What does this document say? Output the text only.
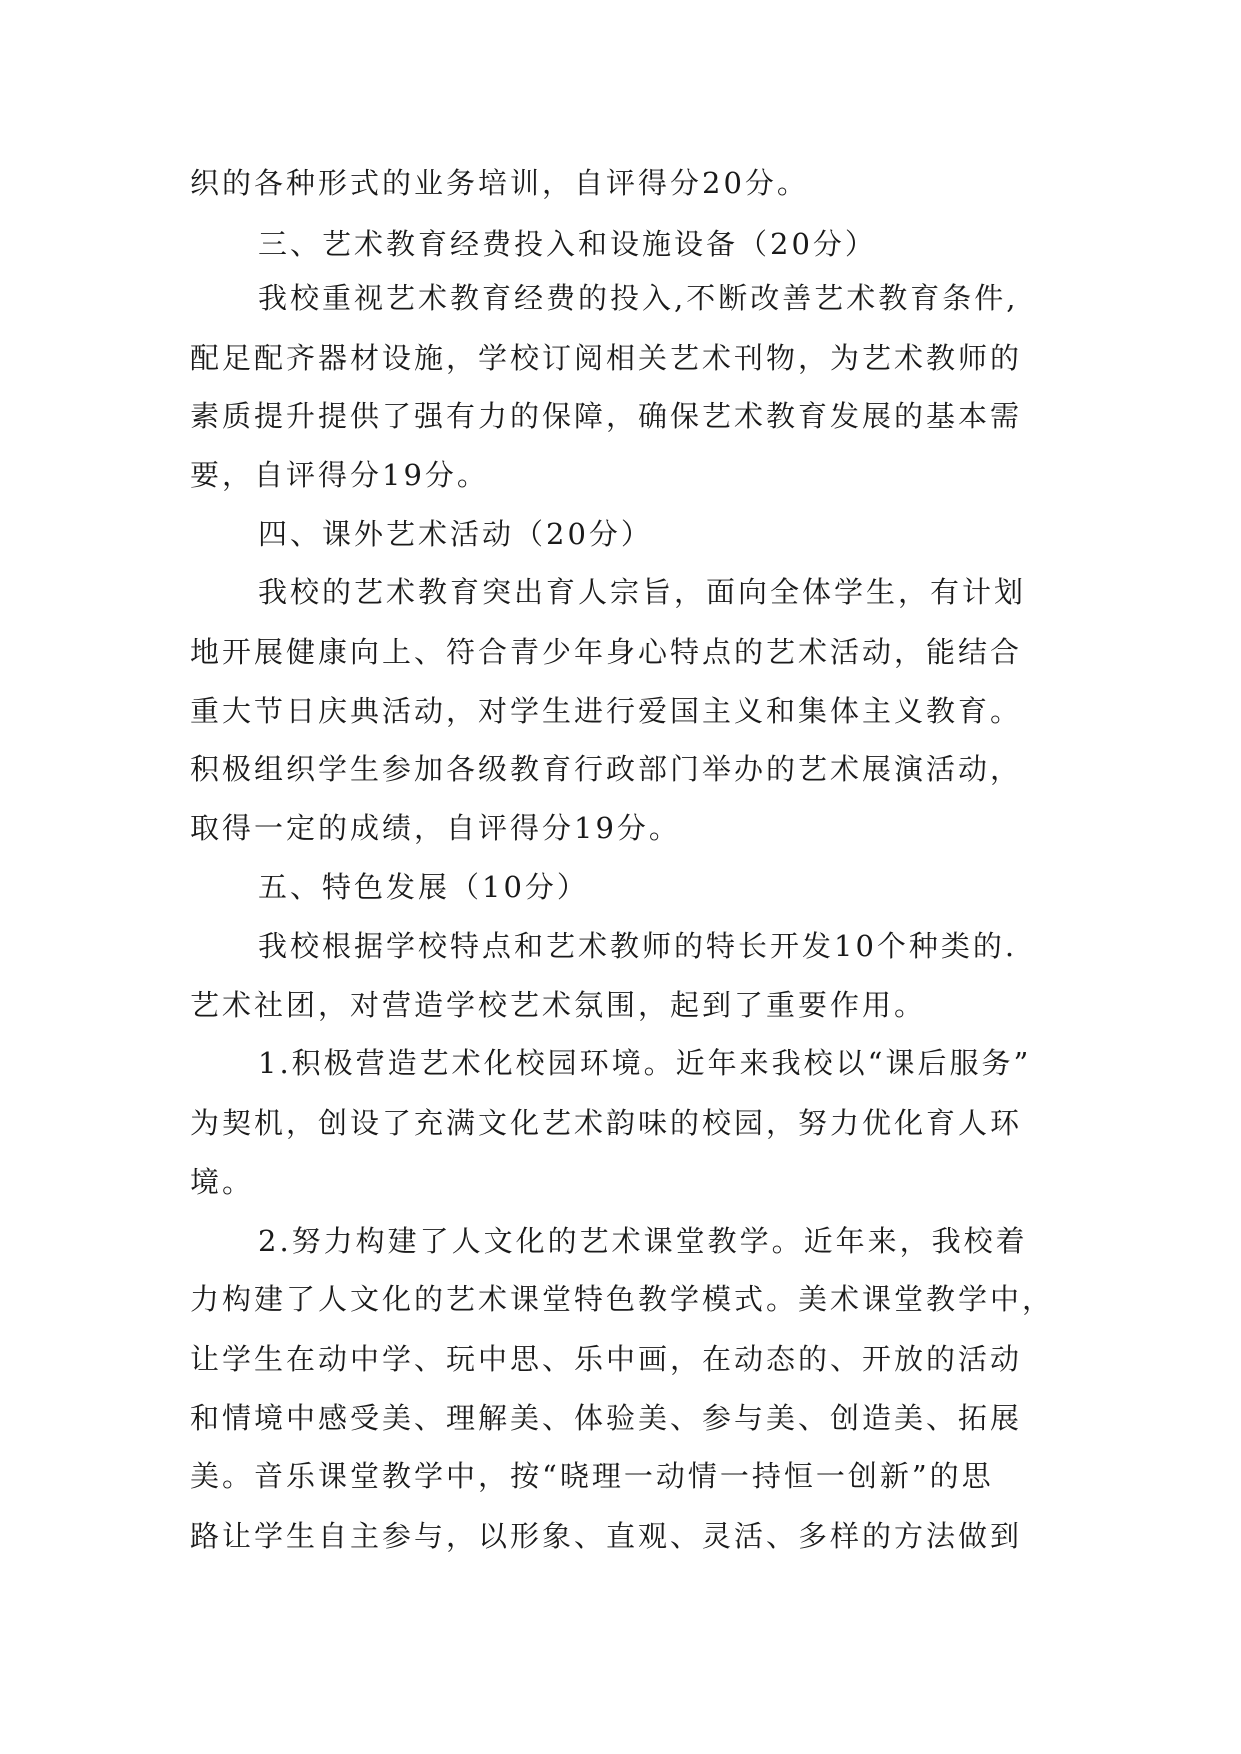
织的各种形式的业务培训，自评得分20分。
三、艺术教育经费投入和设施设备（20分）
我校重视艺术教育经费的投入,不断改善艺术教育条件,
配足配齐器材设施，学校订阅相关艺术刊物，为艺术教师的
素质提升提供了强有力的保障，确保艺术教育发展的基本需
要，自评得分19分。
四、课外艺术活动（20分）
我校的艺术教育突出育人宗旨，面向全体学生，有计划
地开展健康向上、符合青少年身心特点的艺术活动，能结合
重大节日庆典活动，对学生进行爱国主义和集体主义教育。
积极组织学生参加各级教育行政部门举办的艺术展演活动，
取得一定的成绩，自评得分19分。
五、特色发展（10分）
我校根据学校特点和艺术教师的特长开发10个种类的.
艺术社团，对营造学校艺术氛围，起到了重要作用。
1.积极营造艺术化校园环境。近年来我校以“课后服务”
为契机，创设了充满文化艺术韵味的校园，努力优化育人环
境。
2.努力构建了人文化的艺术课堂教学。近年来，我校着
力构建了人文化的艺术课堂特色教学模式。美术课堂教学中，
让学生在动中学、玩中思、乐中画，在动态的、开放的活动
和情境中感受美、理解美、体验美、参与美、创造美、拓展
美。音乐课堂教学中，按“晓理一动情一持恒一创新”的思
路让学生自主参与，以形象、直观、灵活、多样的方法做到
